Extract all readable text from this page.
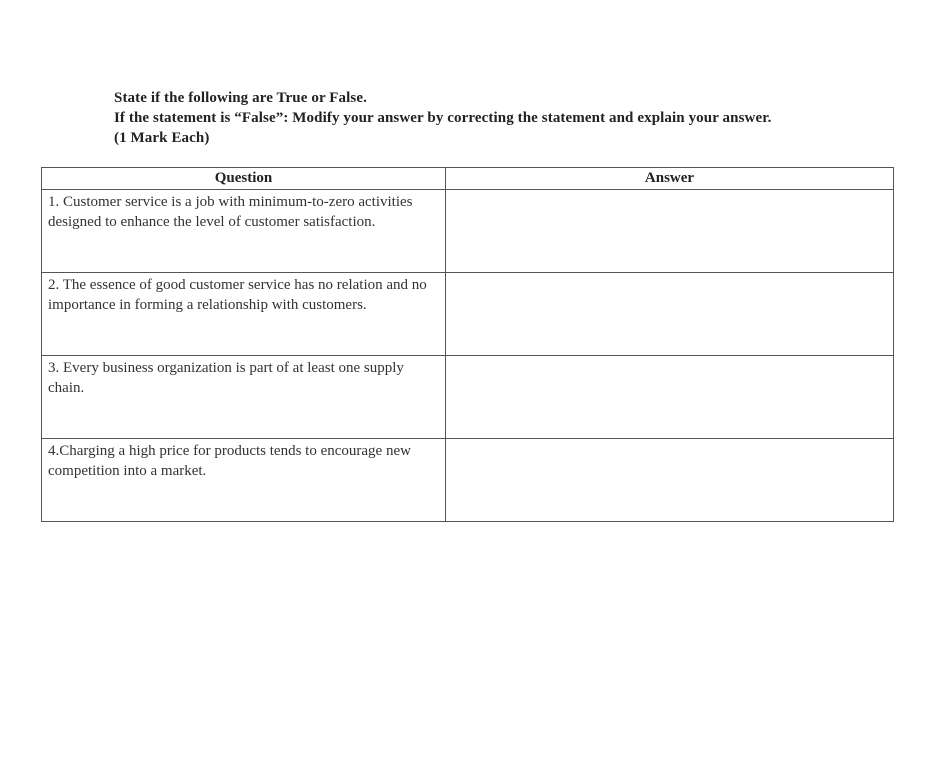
State if the following are True or False.
If the statement is “False”: Modify your answer by correcting the statement and explain your answer.
(1 Mark Each)
Question	Answer

1. Customer service is a job with minimum-to-zero activities designed to enhance the level of customer satisfaction.	

2. The essence of good customer service has no relation and no importance in forming a relationship with customers.	

3. Every business organization is part of at least one supply chain.	

4.Charging a high price for products tends to encourage new competition into a market.	
